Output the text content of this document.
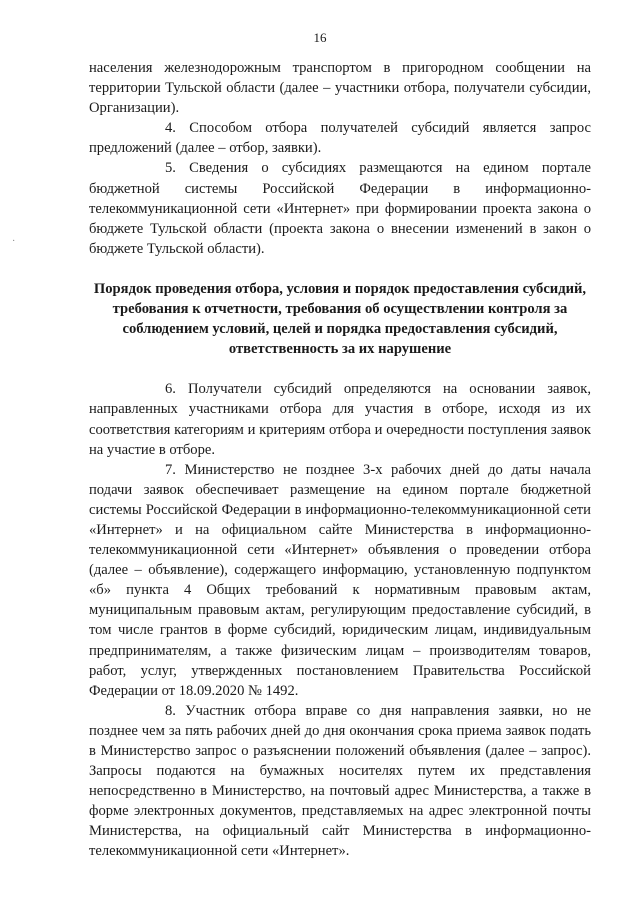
16
·

населения железнодорожным транспортом в пригородном сообщении на территории Тульской области (далее – участники отбора, получатели субсидии, Организации).

4. Способом отбора получателей субсидий является запрос предложений (далее – отбор, заявки).

5. Сведения о субсидиях размещаются на едином портале бюджетной системы Российской Федерации в информационно-телекоммуникационной сети «Интернет» при формировании проекта закона о бюджете Тульской области (проекта закона о внесении изменений в закон о бюджете Тульской области).

Порядок проведения отбора, условия и порядок предоставления субсидий, требования к отчетности, требования об осуществлении контроля за соблюдением условий, целей и порядка предоставления субсидий, ответственность за их нарушение

6. Получатели субсидий определяются на основании заявок, направленных участниками отбора для участия в отборе, исходя из их соответствия категориям и критериям отбора и очередности поступления заявок на участие в отборе.

7. Министерство не позднее 3-х рабочих дней до даты начала подачи заявок обеспечивает размещение на едином портале бюджетной системы Российской Федерации в информационно-телекоммуникационной сети «Интернет» и на официальном сайте Министерства в информационно-телекоммуникационной сети «Интернет» объявления о проведении отбора (далее – объявление), содержащего информацию, установленную подпунктом «б» пункта 4 Общих требований к нормативным правовым актам, муниципальным правовым актам, регулирующим предоставление субсидий, в том числе грантов в форме субсидий, юридическим лицам, индивидуальным предпринимателям, а также физическим лицам – производителям товаров, работ, услуг, утвержденных постановлением Правительства Российской Федерации от 18.09.2020 № 1492.

8. Участник отбора вправе со дня направления заявки, но не позднее чем за пять рабочих дней до дня окончания срока приема заявок подать в Министерство запрос о разъяснении положений объявления (далее – запрос). Запросы подаются на бумажных носителях путем их представления непосредственно в Министерство, на почтовый адрес Министерства, а также в форме электронных документов, представляемых на адрес электронной почты Министерства, на официальный сайт Министерства в информационно-телекоммуникационной сети «Интернет».
